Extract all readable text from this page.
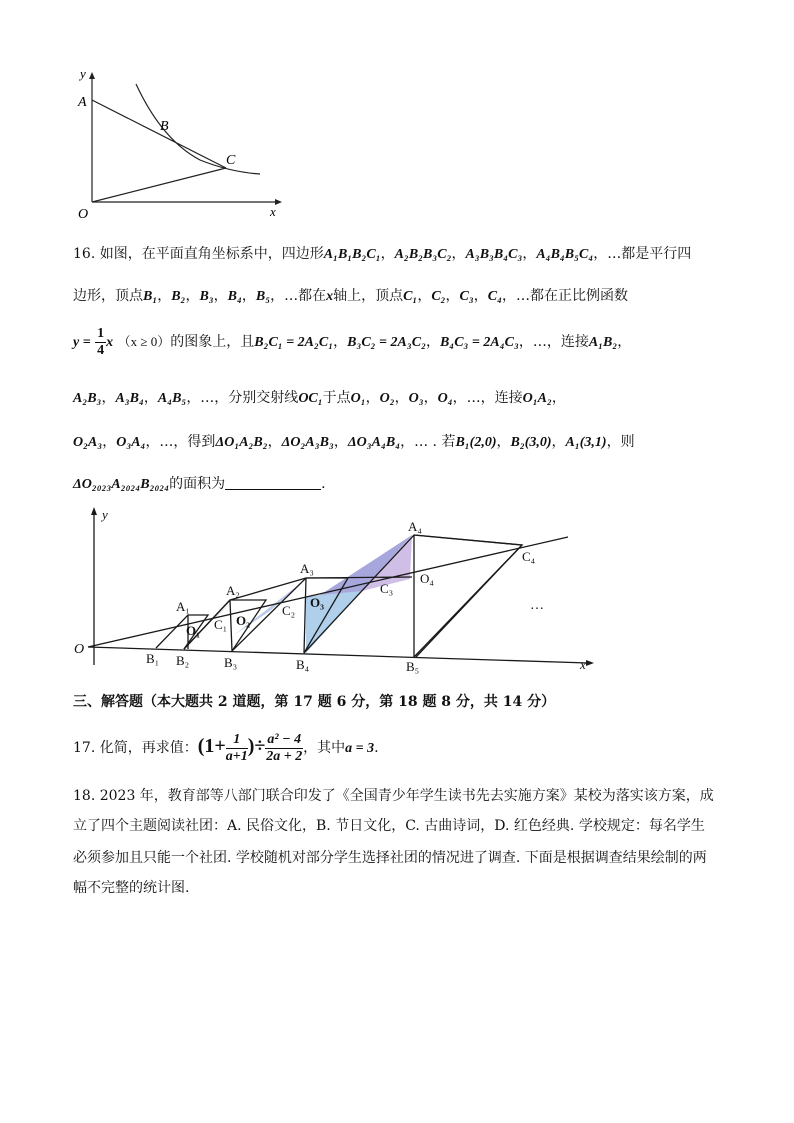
y
x
O
A
B
C
16. 如图，在平面直角坐标系中，四边形A₁B₁B₂C₁，A₂B₂B₃C₂，A₃B₃B₄C₃，A₄B₄B₅C₄，…都是平行四
边形，顶点B₁，B₂，B₃，B₄，B₅，…都在x轴上，顶点C₁，C₂，C₃，C₄，…都在正比例函数
$y = \frac{1}{4}$ x （x ≥ 0）的图象上，且B₂C₁ = 2A₂C₁，B₃C₂ = 2A₃C₂，B₄C₃ = 2A₄C₃，…，连接A₁B₂，
A₂B₃，A₃B₄，A₄B₅，…，分别交射线OC₁于点O₁，O₂，O₃，O₄，…，连接O₁A₂，
O₂A₃，O₃A₄，…，得到ΔO₁A₂B₂，ΔO₂A₃B₃，ΔO₃A₄B₄，… . 若B₁(2,0)，B₂(3,0)，A₁(3,1)，则
ΔO₂₀₂₃A₂₀₂₄B₂₀₂₄的面积为	.
y
x
O
…
A₁
A₂
A₃
A₄
B₁ B₂	B₃	B₄	B₅
C₁
C₂
C₃
C₄
O₁
O₂
O₃
O₄
三、解答题（本大题共 2 道题，第 17 题 6 分，第 18 题 8 分，共 14 分）
17. 化简，再求值：($1+ \frac{1}{a+1}$ )÷ $\frac{\text{a² − 4}}{2a + 2}$ ，其中a = 3.
18. 2023 年，教育部等八部门联合印发了《全国青少年学生读书先去实施方案》某校为落实该方案，成
立了四个主题阅读社团：A. 民俗文化，B. 节日文化，C. 古曲诗词，D. 红色经典. 学校规定：每名学生
必须参加且只能一个社团. 学校随机对部分学生选择社团的情况进了调查. 下面是根据调查结果绘制的两
幅不完整的统计图.
